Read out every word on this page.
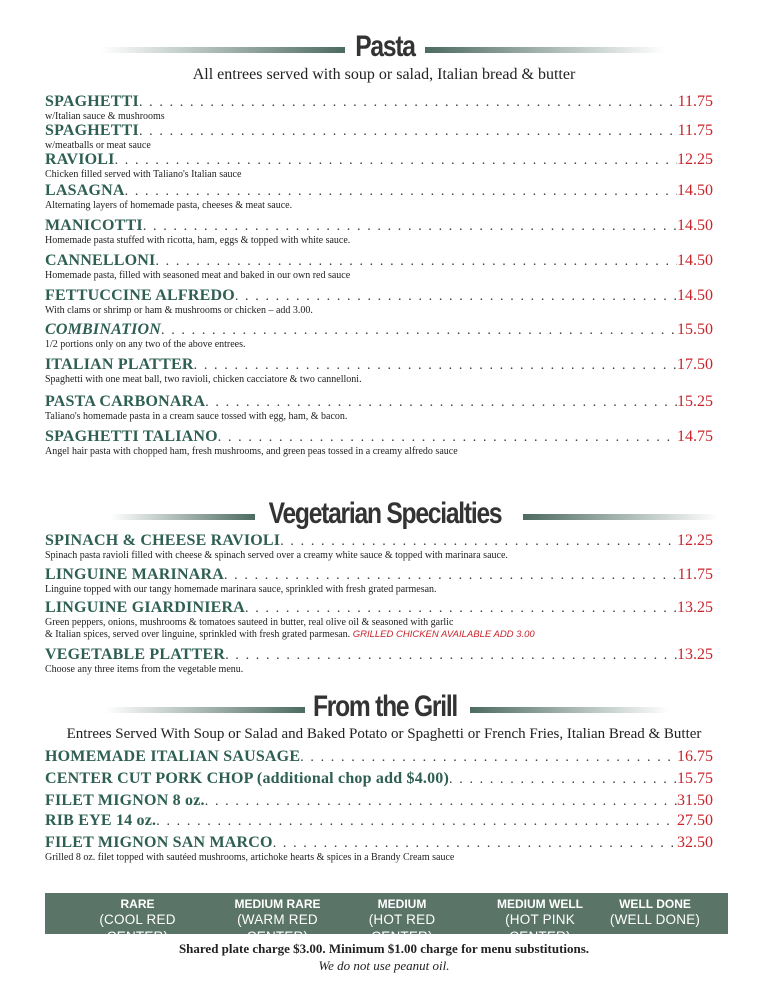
Pasta
All entrees served with soup or salad, Italian bread & butter
SPAGHETTI . . .	11.75
w/Italian sauce & mushrooms
SPAGHETTI . . .	11.75
w/meatballs or meat sauce
RAVIOLI . . .	12.25
Chicken filled served with Taliano's Italian sauce
LASAGNA . . .	14.50
Alternating layers of homemade pasta, cheeses & meat sauce.
MANICOTTI . . .	14.50
Homemade pasta stuffed with ricotta, ham, eggs & topped with white sauce.
CANNELLONI . . .	14.50
Homemade pasta, filled with seasoned meat and baked in our own red sauce
FETTUCCINE ALFREDO . . .	14.50
With clams or shrimp or ham & mushrooms or chicken – add 3.00.
COMBINATION . . .	15.50
1/2 portions only on any two of the above entrees.
ITALIAN PLATTER . . .	17.50
Spaghetti with one meat ball, two ravioli, chicken cacciatore & two cannelloni.
PASTA CARBONARA . . .	15.25
Taliano's homemade pasta in a cream sauce tossed with egg, ham, & bacon.
SPAGHETTI TALIANO . . .	14.75
Angel hair pasta with chopped ham, fresh mushrooms, and green peas tossed in a creamy alfredo sauce
Vegetarian Specialties
SPINACH & CHEESE RAVIOLI . . .	12.25
Spinach pasta ravioli filled with cheese & spinach served over a creamy white sauce & topped with marinara sauce.
LINGUINE MARINARA . . .	11.75
Linguine topped with our tangy homemade marinara sauce, sprinkled with fresh grated parmesan.
LINGUINE GIARDINIERA . . .	13.25
Green peppers, onions, mushrooms & tomatoes sauteed in butter, real olive oil & seasoned with garlic
& Italian spices, served over linguine, sprinkled with fresh grated parmesan. GRILLED CHICKEN AVAILABLE ADD 3.00
VEGETABLE PLATTER . . .	13.25
Choose any three items from the vegetable menu.
From the Grill
Entrees Served With Soup or Salad and Baked Potato or Spaghetti or French Fries, Italian Bread & Butter
HOMEMADE ITALIAN SAUSAGE . . .	16.75
CENTER CUT PORK CHOP (additional chop add $4.00) . . .	15.75
FILET MIGNON 8 oz. . . .	31.50
RIB EYE 14 oz. . . .	27.50
FILET MIGNON SAN MARCO . . .	32.50
Grilled 8 oz. filet topped with sautéed mushrooms, artichoke hearts & spices in a Brandy Cream sauce
RARE
(COOL RED CENTER)
MEDIUM RARE
(WARM RED CENTER)
MEDIUM
(HOT RED CENTER)
MEDIUM WELL
(HOT PINK CENTER)
WELL DONE
(WELL DONE)
Shared plate charge $3.00. Minimum $1.00 charge for menu substitutions.
We do not use peanut oil.
